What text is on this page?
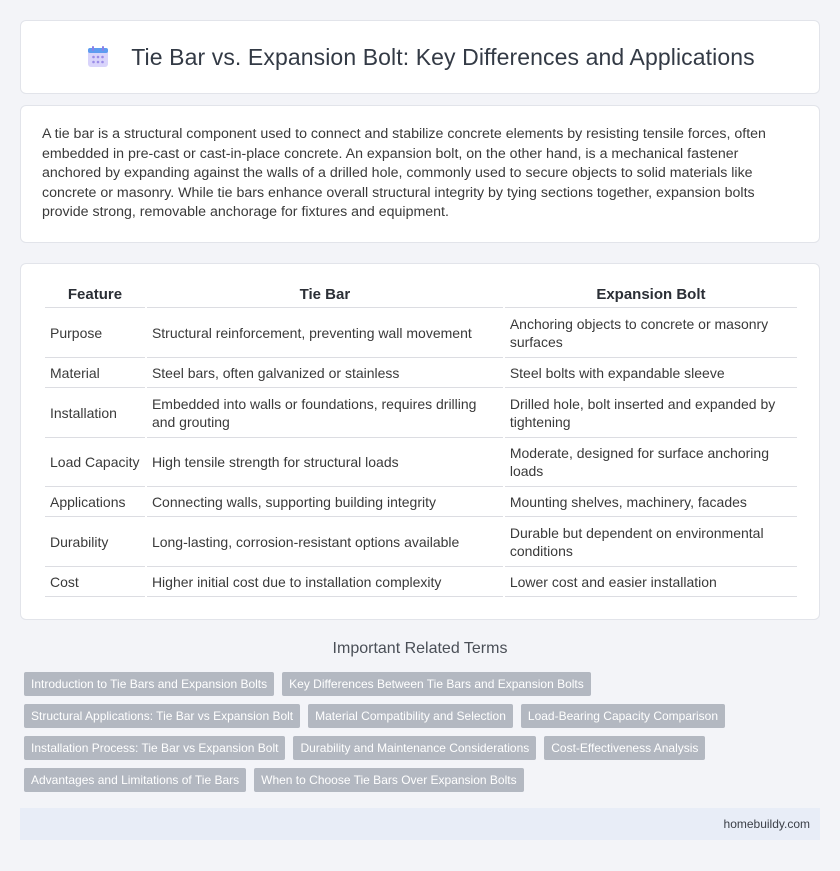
Tie Bar vs. Expansion Bolt: Key Differences and Applications

A tie bar is a structural component used to connect and stabilize concrete elements by resisting tensile forces, often embedded in pre-cast or cast-in-place concrete. An expansion bolt, on the other hand, is a mechanical fastener anchored by expanding against the walls of a drilled hole, commonly used to secure objects to solid materials like concrete or masonry. While tie bars enhance overall structural integrity by tying sections together, expansion bolts provide strong, removable anchorage for fixtures and equipment.

Feature	Tie Bar	Expansion Bolt
Purpose	Structural reinforcement, preventing wall movement	Anchoring objects to concrete or masonry surfaces
Material	Steel bars, often galvanized or stainless	Steel bolts with expandable sleeve
Installation	Embedded into walls or foundations, requires drilling and grouting	Drilled hole, bolt inserted and expanded by tightening
Load Capacity	High tensile strength for structural loads	Moderate, designed for surface anchoring loads
Applications	Connecting walls, supporting building integrity	Mounting shelves, machinery, facades
Durability	Long-lasting, corrosion-resistant options available	Durable but dependent on environmental conditions
Cost	Higher initial cost due to installation complexity	Lower cost and easier installation
Important Related Terms
Introduction to Tie Bars and Expansion Bolts	Key Differences Between Tie Bars and Expansion Bolts
Structural Applications: Tie Bar vs Expansion Bolt	Material Compatibility and Selection	Load-Bearing Capacity Comparison
Installation Process: Tie Bar vs Expansion Bolt	Durability and Maintenance Considerations	Cost-Effectiveness Analysis
Advantages and Limitations of Tie Bars	When to Choose Tie Bars Over Expansion Bolts
homebuildy.com
